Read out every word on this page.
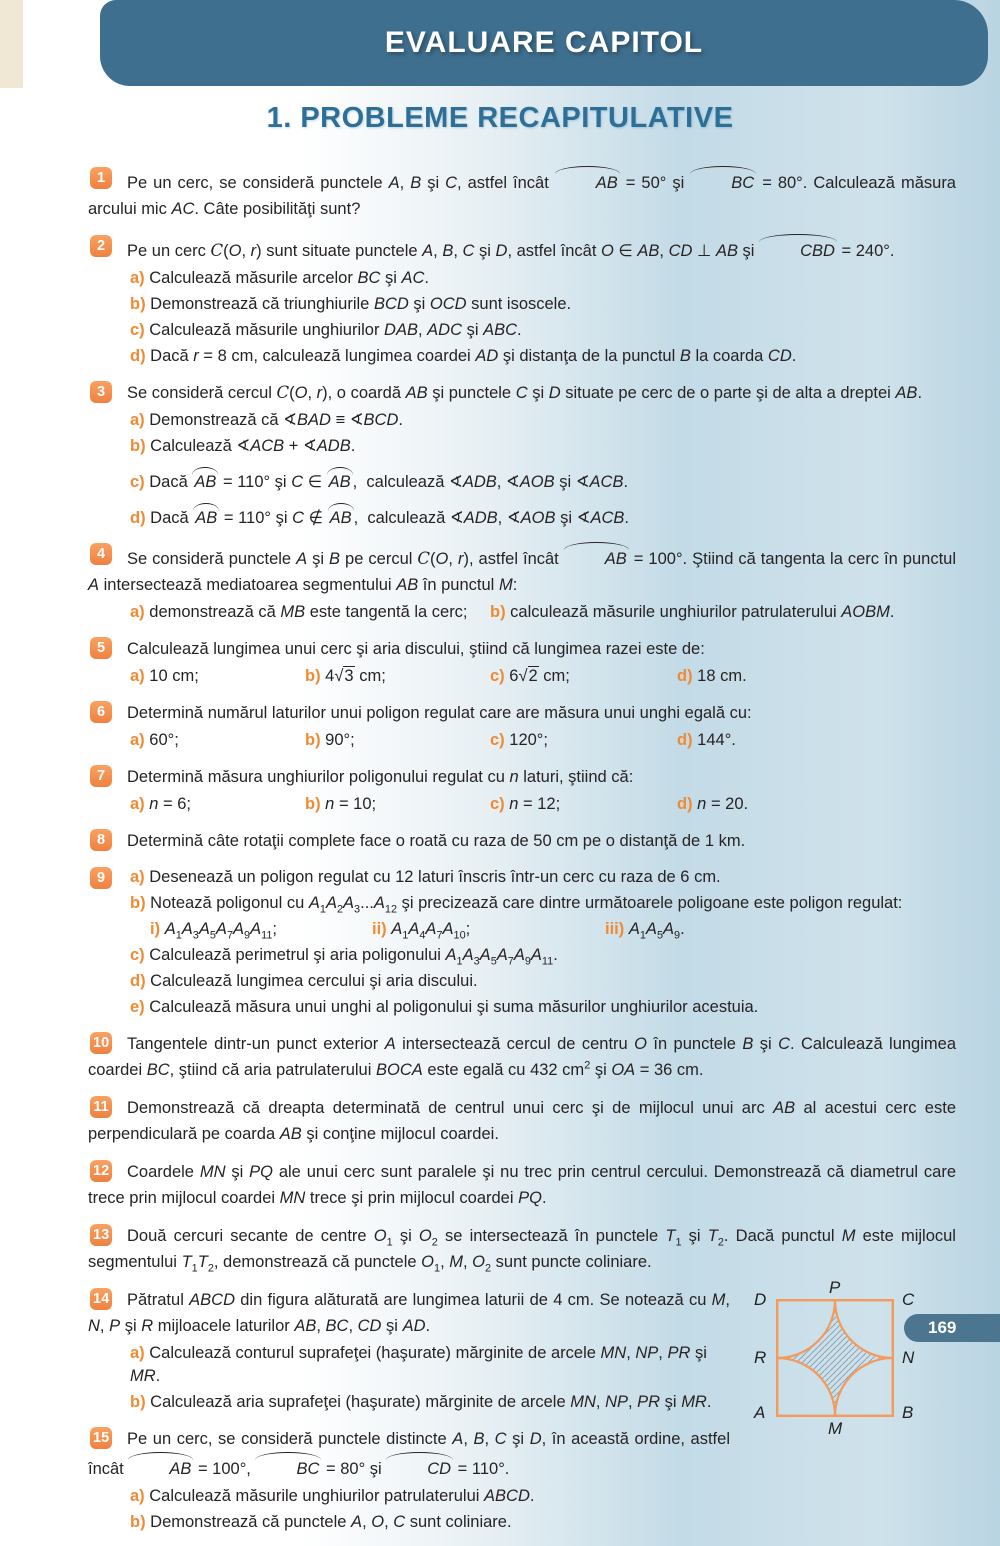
EVALUARE CAPITOL
1. PROBLEME RECAPITULATIVE
1	Pe un cerc, se consideră punctele A, B şi C, astfel încât AB = 50° şi BC = 80°. Calculează măsura arcului mic AC. Câte posibilităţi sunt?
2	Pe un cerc C(O, r) sunt situate punctele A, B, C şi D, astfel încât O ∈ AB, CD ⊥ AB şi CBD = 240°.
a) Calculează măsurile arcelor BC şi AC.
b) Demonstrează că triunghiurile BCD şi OCD sunt isoscele.
c) Calculează măsurile unghiurilor DAB, ADC şi ABC.
d) Dacă r = 8 cm, calculează lungimea coardei AD şi distanţa de la punctul B la coarda CD.
3	Se consideră cercul C(O, r), o coardă AB şi punctele C şi D situate pe cerc de o parte şi de alta a dreptei AB.
a) Demonstrează că ∢BAD ≡ ∢BCD.
b) Calculează ∢ACB + ∢ADB.
c) Dacă AB = 110° şi C ∈ AB ,  calculează ∢ADB, ∢AOB şi ∢ACB.
d) Dacă AB = 110° şi C ∉ AB ,  calculează ∢ADB, ∢AOB şi ∢ACB.
4	Se consideră punctele A şi B pe cercul C(O, r), astfel încât AB = 100°. Ştiind că tangenta la cerc în punctul A intersectează mediatoarea segmentului AB în punctul M:
a) demonstrează că MB este tangentă la cerc;	b) calculează măsurile unghiurilor patrulaterului AOBM.
5	Calculează lungimea unui cerc şi aria discului, ştiind că lungimea razei este de:
a) 10 cm;	b) 4√3 cm;	c) 6√2 cm;	d) 18 cm.
6	Determină numărul laturilor unui poligon regulat care are măsura unui unghi egală cu:
a) 60°;	b) 90°;	c) 120°;	d) 144°.
7	Determină măsura unghiurilor poligonului regulat cu n laturi, ştiind că:
a) n = 6;	b) n = 10;	c) n = 12;	d) n = 20.
8	Determină câte rotaţii complete face o roată cu raza de 50 cm pe o distanţă de 1 km.
9	a) Desenează un poligon regulat cu 12 laturi înscris într-un cerc cu raza de 6 cm.
b) Notează poligonul cu $A_1A_2A_3...A_{12}$ şi precizează care dintre următoarele poligoane este poligon regulat:
i) $A_1A_3A_5A_7A_9A_{11}$;	ii) $A_1A_4A_7A_{10}$;	iii) $A_1A_5A_9$.
c) Calculează perimetrul şi aria poligonului $A_1A_3A_5A_7A_9A_{11}$.
d) Calculează lungimea cercului şi aria discului.
e) Calculează măsura unui unghi al poligonului şi suma măsurilor unghiurilor acestuia.
10	Tangentele dintr-un punct exterior A intersectează cercul de centru O în punctele B şi C. Calculează lungimea coardei BC, ştiind că aria patrulaterului BOCA este egală cu 432 $cm^2$ şi OA = 36 cm.
11	Demonstrează că dreapta determinată de centrul unui cerc şi de mijlocul unui arc AB al acestui cerc este perpendiculară pe coarda AB şi conţine mijlocul coardei.
12	Coardele MN şi PQ ale unui cerc sunt paralele şi nu trec prin centrul cercului. Demonstrează că diametrul care trece prin mijlocul coardei MN trece şi prin mijlocul coardei PQ.
13	Două cercuri secante de centre $O_1$ şi $O_2$ se intersectează în punctele $T_1$ şi $T_2$. Dacă punctul M este mijlocul segmentului $T_1T_2$, demonstrează că punctele $O_1$, M, $O_2$ sunt puncte coliniare.
D
P
C
R	N
A
M
B
14	Pătratul ABCD din figura alăturată are lungimea laturii de 4 cm. Se notează cu M, N, P şi R mijloacele laturilor AB, BC, CD şi AD.
a) Calculează conturul suprafeţei (haşurate) mărginite de arcele MN, NP, PR şi MR.
b) Calculează aria suprafeţei (haşurate) mărginite de arcele MN, NP, PR şi MR.
15	Pe un cerc, se consideră punctele distincte A, B, C şi D, în această ordine, astfel încât AB = 100°, BC = 80° şi CD = 110°.
a) Calculează măsurile unghiurilor patrulaterului ABCD.
b) Demonstrează că punctele A, O, C sunt coliniare.
169
